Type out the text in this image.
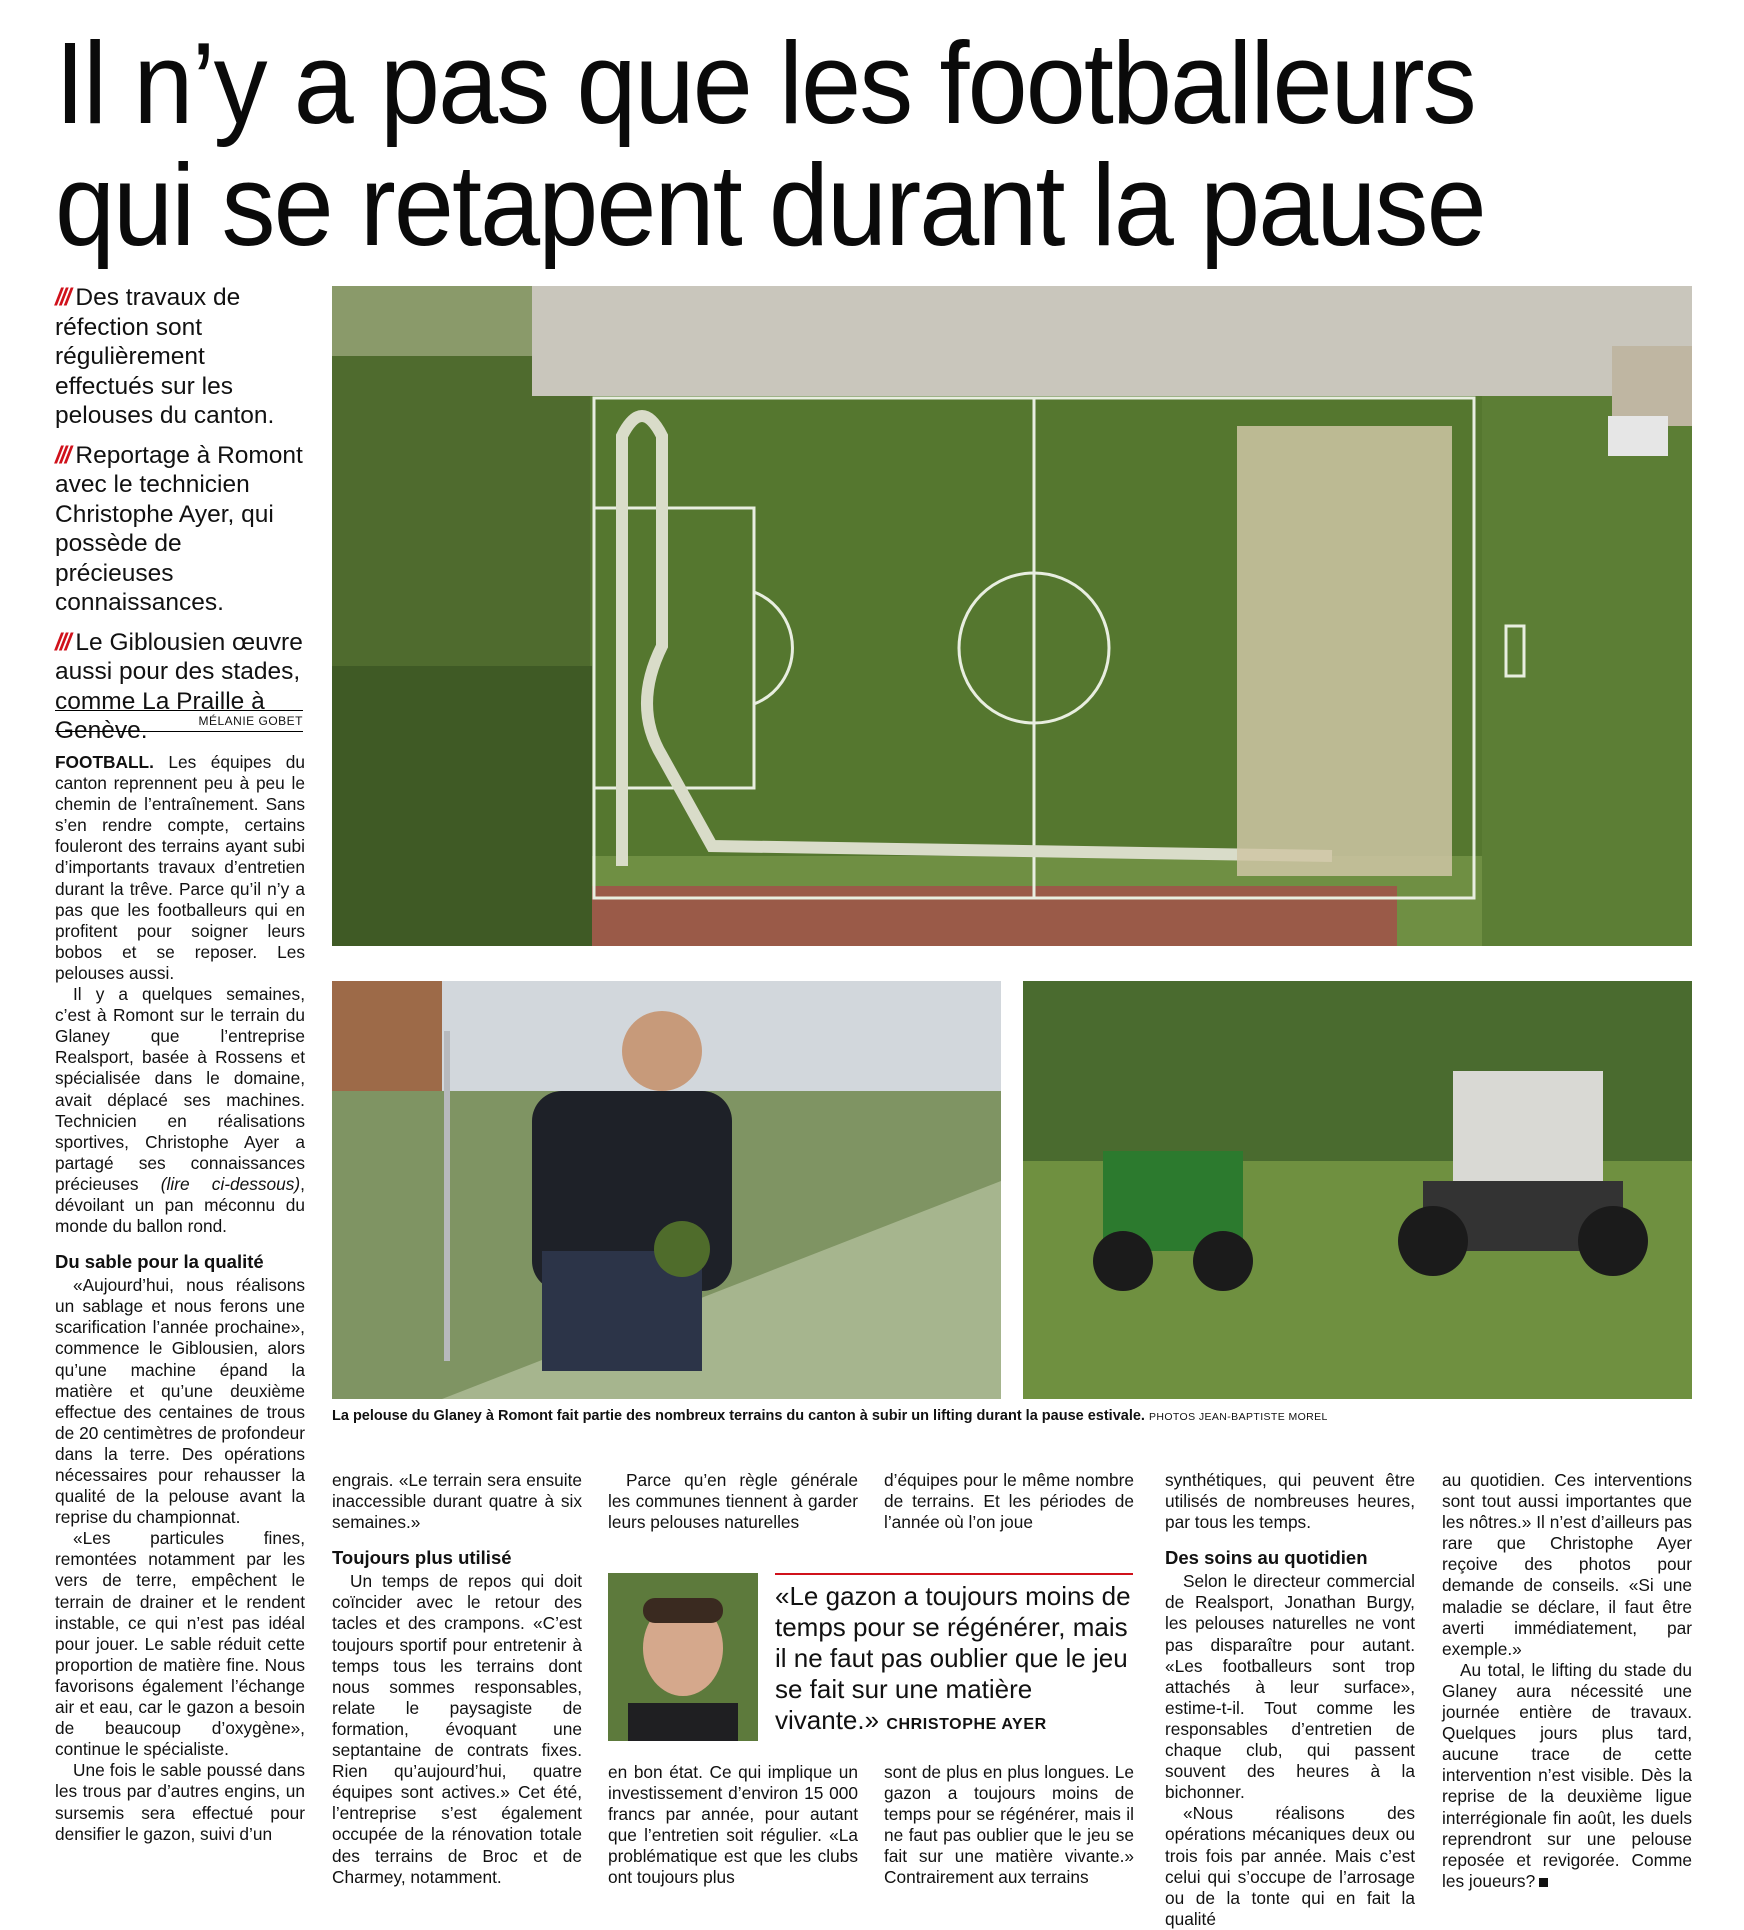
Il n’y a pas que les footballeurs
qui se retapent durant la pause
/// Des travaux de réfection sont régulièrement effectués sur les pelouses du canton.
/// Reportage à Romont avec le technicien Christophe Ayer, qui possède de précieuses connaissances.
/// Le Giblousien œuvre aussi pour des stades, comme La Praille à Genève.	MÉLANIE GOBET

FOOTBALL. Les équipes du canton reprennent peu à peu le chemin de l’entraînement. Sans s’en rendre compte, certains fouleront des terrains ayant subi d’importants travaux d’entretien durant la trêve. Parce qu’il n’y a pas que les footballeurs qui en profitent pour soigner leurs bobos et se reposer. Les pelouses aussi.

Il y a quelques semaines, c’est à Romont sur le terrain du Glaney que l’entreprise Realsport, basée à Rossens et spécialisée dans le domaine, avait déplacé ses machines. Technicien en réalisations sportives, Christophe Ayer a partagé ses connaissances précieuses (lire ci-dessous), dévoilant un pan méconnu du monde du ballon rond.

Du sable pour la qualité

«Aujourd’hui, nous réalisons un sablage et nous ferons une scarification l’année prochaine», commence le Giblousien, alors qu’une machine épand la matière et qu’une deuxième effectue des centaines de trous de 20 centimètres de profondeur dans la terre. Des opérations nécessaires pour rehausser la qualité de la pelouse avant la reprise du championnat.

«Les particules fines, remontées notamment par les vers de terre, empêchent le terrain de drainer et le rendent instable, ce qui n’est pas idéal pour jouer. Le sable réduit cette proportion de matière fine. Nous favorisons également l’échange air et eau, car le gazon a besoin de beaucoup d’oxygène», continue le spécialiste.

Une fois le sable poussé dans les trous par d’autres engins, un sursemis sera effectué pour densifier le gazon, suivi d’un

La pelouse du Glaney à Romont fait partie des nombreux terrains du canton à subir un lifting durant la pause estivale. PHOTOS JEAN-BAPTISTE MOREL

engrais. «Le terrain sera ensuite inaccessible durant quatre à six semaines.»

Toujours plus utilisé

Un temps de repos qui doit coïncider avec le retour des tacles et des crampons. «C’est toujours sportif pour entretenir à temps tous les terrains dont nous sommes responsables, relate le paysagiste de formation, évoquant une septantaine de contrats fixes. Rien qu’aujourd’hui, quatre équipes sont actives.» Cet été, l’entreprise s’est également occupée de la rénovation totale des terrains de Broc et de Charmey, notamment.

Parce qu’en règle générale les communes tiennent à garder leurs pelouses naturelles

en bon état. Ce qui implique un investissement d’environ 15 000 francs par année, pour autant que l’entretien soit régulier. «La problématique est que les clubs ont toujours plus

d’équipes pour le même nombre de terrains. Et les périodes de l’année où l’on joue

sont de plus en plus longues. Le gazon a toujours moins de temps pour se régénérer, mais il ne faut pas oublier que le jeu se fait sur une matière vivante.» Contrairement aux terrains

«Le gazon a toujours moins de temps pour se régénérer, mais il ne faut pas oublier que le jeu se fait sur une matière vivante.» CHRISTOPHE AYER

synthétiques, qui peuvent être utilisés de nombreuses heures, par tous les temps.

Des soins au quotidien

Selon le directeur commercial de Realsport, Jonathan Burgy, les pelouses naturelles ne vont pas disparaître pour autant. «Les footballeurs sont trop attachés à leur surface», estime-t-il. Tout comme les responsables d’entretien de chaque club, qui passent souvent des heures à la bichonner.

«Nous réalisons des opérations mécaniques deux ou trois fois par année. Mais c’est celui qui s’occupe de l’arrosage ou de la tonte qui en fait la qualité

au quotidien. Ces interventions sont tout aussi importantes que les nôtres.» Il n’est d’ailleurs pas rare que Christophe Ayer reçoive des photos pour demande de conseils. «Si une maladie se déclare, il faut être averti immédiatement, par exemple.»

Au total, le lifting du stade du Glaney aura nécessité une journée entière de travaux. Quelques jours plus tard, aucune trace de cette intervention n’est visible. Dès la reprise de la deuxième ligue interrégionale fin août, les duels reprendront sur une pelouse reposée et revigorée. Comme les joueurs?
